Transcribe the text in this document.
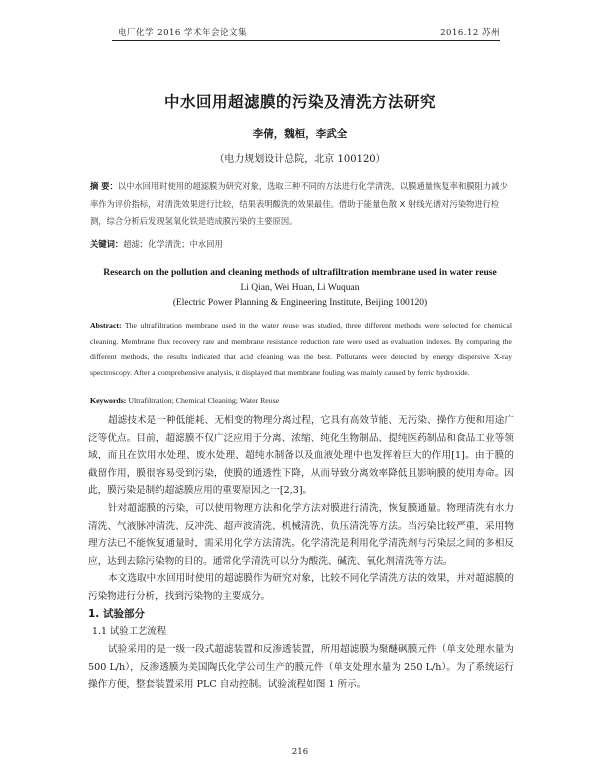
电厂化学 2016 学术年会论文集	2016.12 苏州
中水回用超滤膜的污染及清洗方法研究
李倩，魏桓，李武全
（电力规划设计总院，北京 100120）
摘 要：以中水回用时使用的超滤膜为研究对象，选取三种不同的方法进行化学清洗，以膜通量恢复率和膜阻力减少率作为评价指标，对清洗效果进行比较，结果表明酸洗的效果最佳。借助于能量色散 X 射线光谱对污染物进行检测，综合分析后发现氢氧化铁是造成膜污染的主要原因。
关键词：超滤；化学清洗；中水回用
Research on the pollution and cleaning methods of ultrafiltration membrane used in water reuse
Li Qian, Wei Huan, Li Wuquan
(Electric Power Planning & Engineering Institute, Beijing 100120)
Abstract: The ultrafiltration membrane used in the water reuse was studied, three different methods were selected for chemical cleaning. Membrane flux recovery rate and membrane resistance reduction rate were used as evaluation indexes. By comparing the different methods, the results indicated that acid cleaning was the best. Pollutants were detected by energy dispersive X-ray spectroscopy. After a comprehensive analysis, it displayed that membrane fouling was mainly caused by ferric hydroxide.
Keywords: Ultrafiltration; Chemical Cleaning; Water Reuse
超滤技术是一种低能耗、无相变的物理分离过程，它具有高效节能、无污染、操作方便和用途广泛等优点。目前，超滤膜不仅广泛应用于分离、浓缩、纯化生物制品、提纯医药制品和食品工业等领域，而且在饮用水处理、废水处理、超纯水制备以及血液处理中也发挥着巨大的作用[1]。由于膜的截留作用，膜很容易受到污染，使膜的通透性下降，从而导致分离效率降低且影响膜的使用寿命。因此，膜污染是制约超滤膜应用的重要原因之一[2,3]。
针对超滤膜的污染，可以使用物理方法和化学方法对膜进行清洗，恢复膜通量。物理清洗有水力清洗、气液脉冲清洗、反冲洗、超声波清洗、机械清洗、负压清洗等方法。当污染比较严重，采用物理方法已不能恢复通量时，需采用化学方法清洗。化学清洗是利用化学清洗剂与污染层之间的多相反应，达到去除污染物的目的。通常化学清洗可以分为酸洗、碱洗、氧化剂清洗等方法。
本文选取中水回用时使用的超滤膜作为研究对象，比较不同化学清洗方法的效果，并对超滤膜的污染物进行分析，找到污染物的主要成分。
1. 试验部分
1.1 试验工艺流程
试验采用的是一级一段式超滤装置和反渗透装置，所用超滤膜为聚醚砜膜元件（单支处理水量为 500 L/h），反渗透膜为美国陶氏化学公司生产的膜元件（单支处理水量为 250 L/h）。为了系统运行操作方便，整套装置采用 PLC 自动控制。试验流程如图 1 所示。
216
